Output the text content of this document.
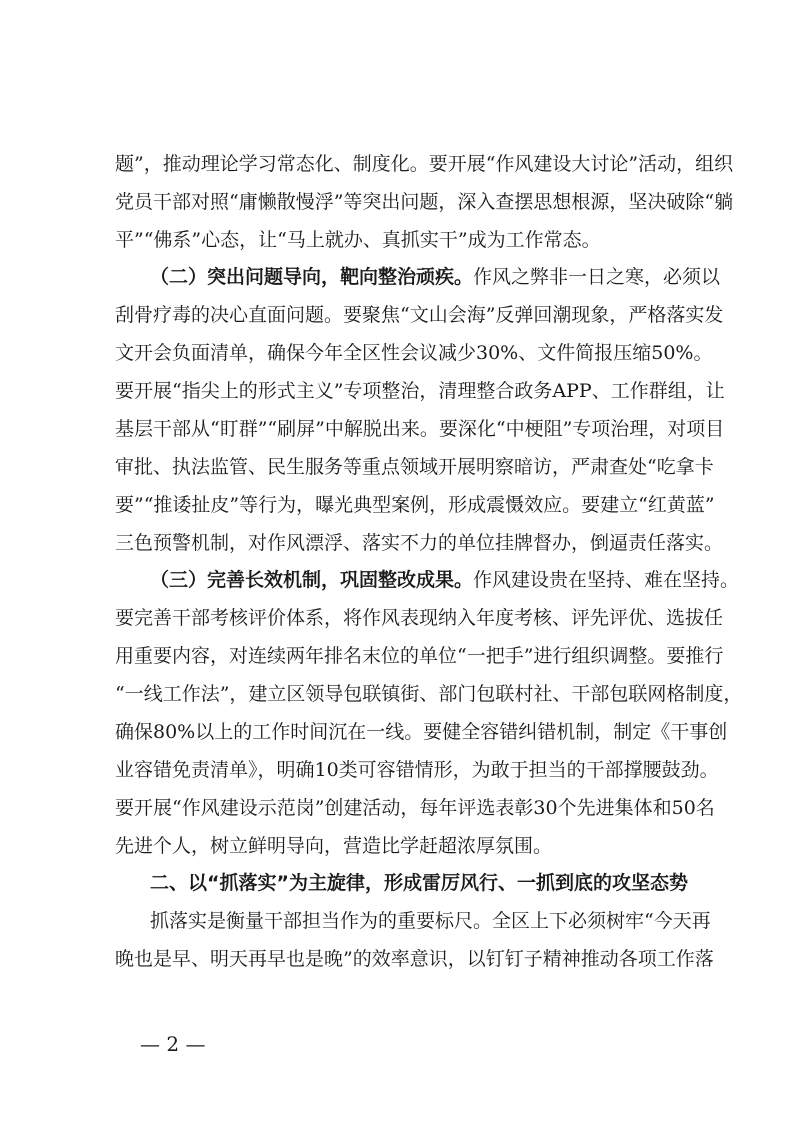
题”，推动理论学习常态化、制度化。要开展“作风建设大讨论”活动，组织
党员干部对照“庸懒散慢浮”等突出问题，深入查摆思想根源，坚决破除“躺
平”“佛系”心态，让“马上就办、真抓实干”成为工作常态。
（二）突出问题导向，靶向整治顽疾。作风之弊非一日之寒，必须以
刮骨疗毒的决心直面问题。要聚焦“文山会海”反弹回潮现象，严格落实发
文开会负面清单，确保今年全区性会议减少30%、文件简报压缩50%。
要开展“指尖上的形式主义”专项整治，清理整合政务APP、工作群组，让
基层干部从“盯群”“刷屏”中解脱出来。要深化“中梗阻”专项治理，对项目
审批、执法监管、民生服务等重点领域开展明察暗访，严肃查处“吃拿卡
要”“推诿扯皮”等行为，曝光典型案例，形成震慑效应。要建立“红黄蓝”
三色预警机制，对作风漂浮、落实不力的单位挂牌督办，倒逼责任落实。
（三）完善长效机制，巩固整改成果。作风建设贵在坚持、难在坚持。
要完善干部考核评价体系，将作风表现纳入年度考核、评先评优、选拔任
用重要内容，对连续两年排名末位的单位“一把手”进行组织调整。要推行
“一线工作法”，建立区领导包联镇街、部门包联村社、干部包联网格制度，
确保80%以上的工作时间沉在一线。要健全容错纠错机制，制定《干事创
业容错免责清单》，明确10类可容错情形，为敢于担当的干部撑腰鼓劲。
要开展“作风建设示范岗”创建活动，每年评选表彰30个先进集体和50名
先进个人，树立鲜明导向，营造比学赶超浓厚氛围。
二、以“抓落实”为主旋律，形成雷厉风行、一抓到底的攻坚态势
抓落实是衡量干部担当作为的重要标尺。全区上下必须树牢“今天再
晚也是早、明天再早也是晚”的效率意识，以钉钉子精神推动各项工作落
— 2 —
